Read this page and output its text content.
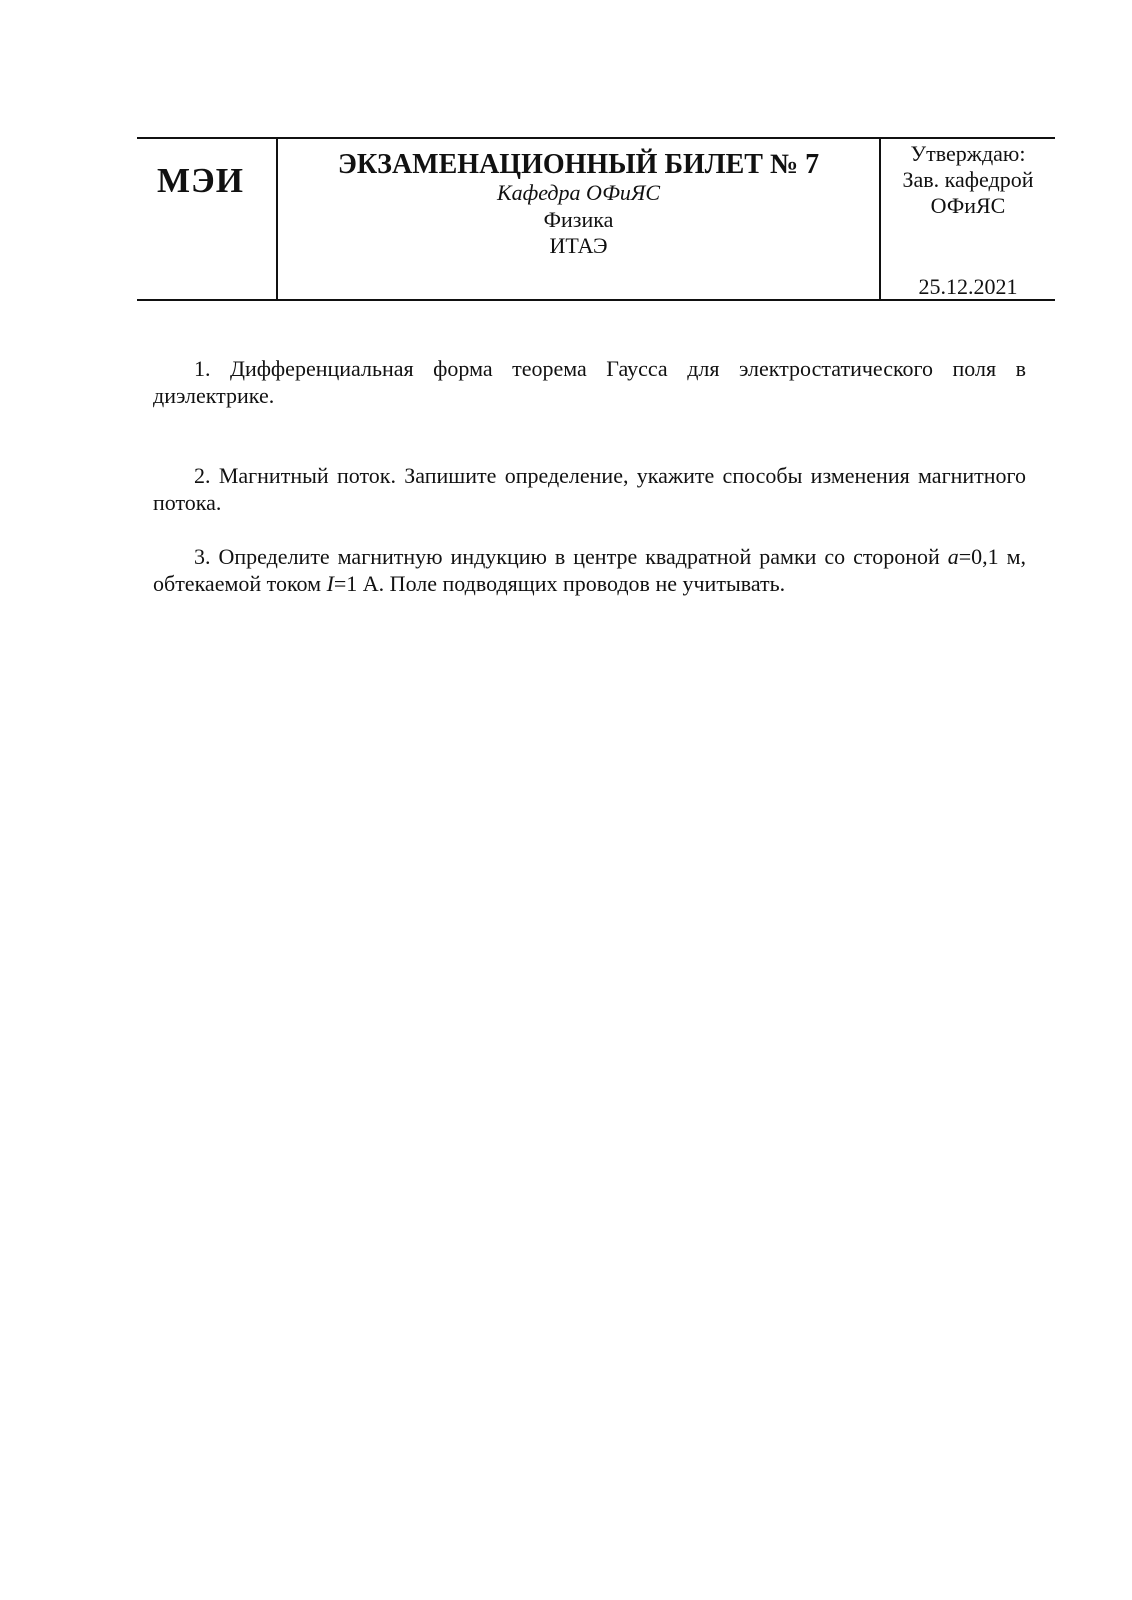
МЭИ	ЭКЗАМЕНАЦИОННЫЙ БИЛЕТ № 7
Кафедра ОФиЯС
Физика
ИТАЭ
Утверждаю:
Зав. кафедрой
ОФиЯС
25.12.2021

1. Дифференциальная форма теорема Гаусса для электростатического поля в диэлектрике.

2. Магнитный поток. Запишите определение, укажите способы изменения магнитного потока.

3. Определите магнитную индукцию в центре квадратной рамки со стороной a=0,1 м, обтекаемой током I=1 А. Поле подводящих проводов не учитывать.
